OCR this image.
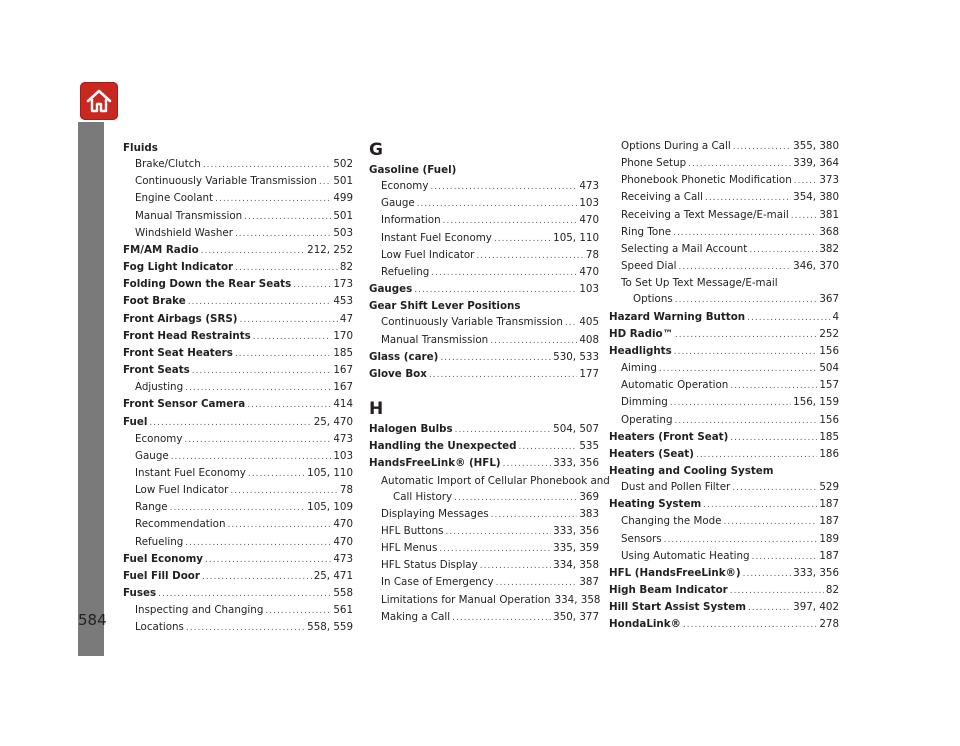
Index
584
Fluids
Brake/Clutch .....	502
Continuously Variable Transmission ..... 501
Engine Coolant .....	499
Manual Transmission .....	501
Windshield Washer .....	503
FM/AM Radio .....	212, 252
Fog Light Indicator .....	82
Folding Down the Rear Seats .....	173
Foot Brake .....	453
Front Airbags (SRS) .....	47
Front Head Restraints .....	170
Front Seat Heaters .....	185
Front Seats .....	167
Adjusting .....	167
Front Sensor Camera .....	414
Fuel .....	25, 470
Economy .....	473
Gauge .....	103
Instant Fuel Economy .....	105, 110
Low Fuel Indicator .....	78
Range .....	105, 109
Recommendation .....	470
Refueling .....	470
Fuel Economy .....	473
Fuel Fill Door .....	25, 471
Fuses .....	558
Inspecting and Changing .....	561
Locations .....	558, 559
G
Gasoline (Fuel)
Economy .....	473
Gauge .....	103
Information .....	470
Instant Fuel Economy .....	105, 110
Low Fuel Indicator .....	78
Refueling .....	470
Gauges .....	103
Gear Shift Lever Positions
Continuously Variable Transmission ..... 405
Manual Transmission .....	408
Glass (care) .....	530, 533
Glove Box .....	177
H
Halogen Bulbs .....	504, 507
Handling the Unexpected .....	535
HandsFreeLink® (HFL) .....	333, 356
Automatic Import of Cellular Phonebook and
Call History .....	369
Displaying Messages .....	383
HFL Buttons .....	333, 356
HFL Menus .....	335, 359
HFL Status Display .....	334, 358
In Case of Emergency .....	387
Limitations for Manual Operation 334, 358
Making a Call .....	350, 377
Options During a Call .....	355, 380
Phone Setup .....	339, 364
Phonebook Phonetic Modification .....	373
Receiving a Call .....	354, 380
Receiving a Text Message/E-mail .....	381
Ring Tone .....	368
Selecting a Mail Account .....	382
Speed Dial .....	346, 370
To Set Up Text Message/E-mail
Options .....	367
Hazard Warning Button .....	4
HD Radio™ .....	252
Headlights .....	156
Aiming .....	504
Automatic Operation .....	157
Dimming .....	156, 159
Operating .....	156
Heaters (Front Seat) .....	185
Heaters (Seat) .....	186
Heating and Cooling System
Dust and Pollen Filter .....	529
Heating System .....	187
Changing the Mode .....	187
Sensors .....	189
Using Automatic Heating .....	187
HFL (HandsFreeLink®) .....	333, 356
High Beam Indicator .....	82
Hill Start Assist System .....	397, 402
HondaLink® .....	278
